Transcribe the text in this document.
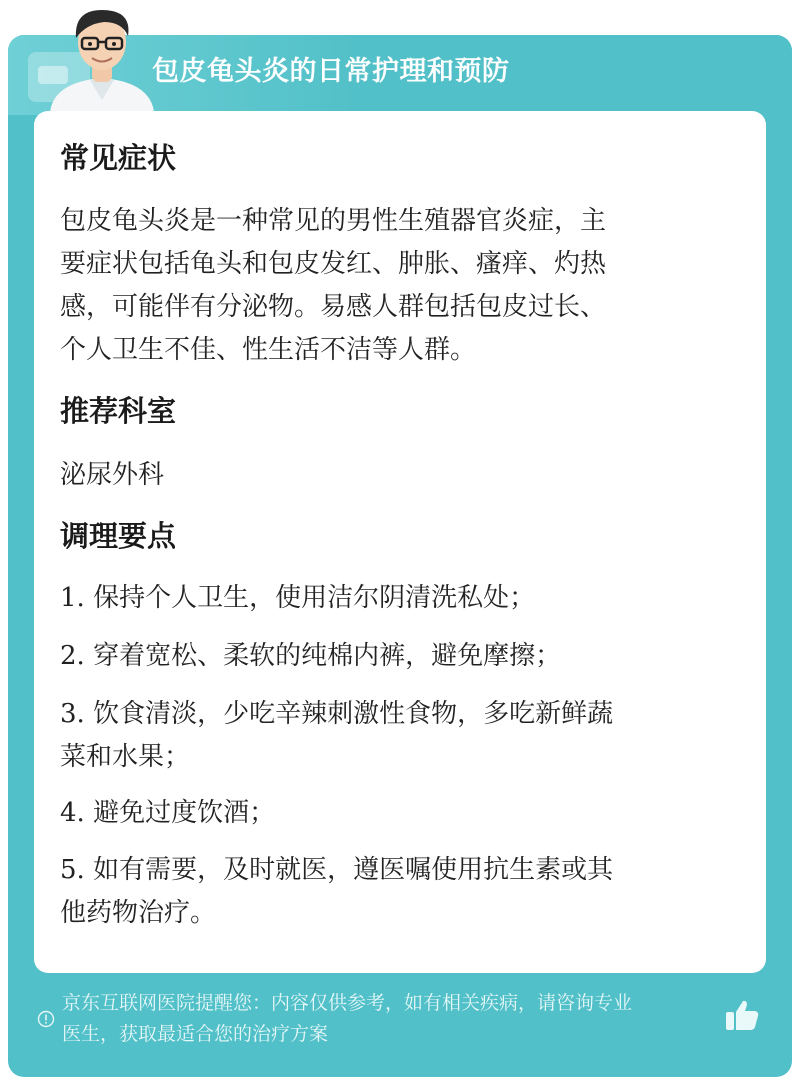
包皮龟头炎的日常护理和预防
常见症状
包皮龟头炎是一种常见的男性生殖器官炎症，主
要症状包括龟头和包皮发红、肿胀、瘙痒、灼热
感，可能伴有分泌物。易感人群包括包皮过长、
个人卫生不佳、性生活不洁等人群。
推荐科室
泌尿外科
调理要点
1. 保持个人卫生，使用洁尔阴清洗私处；
2. 穿着宽松、柔软的纯棉内裤，避免摩擦；
3. 饮食清淡，少吃辛辣刺激性食物，多吃新鲜蔬
菜和水果；
4. 避免过度饮酒；
5. 如有需要，及时就医，遵医嘱使用抗生素或其
他药物治疗。
京东互联网医院提醒您：内容仅供参考，如有相关疾病，请咨询专业
医生，获取最适合您的治疗方案
